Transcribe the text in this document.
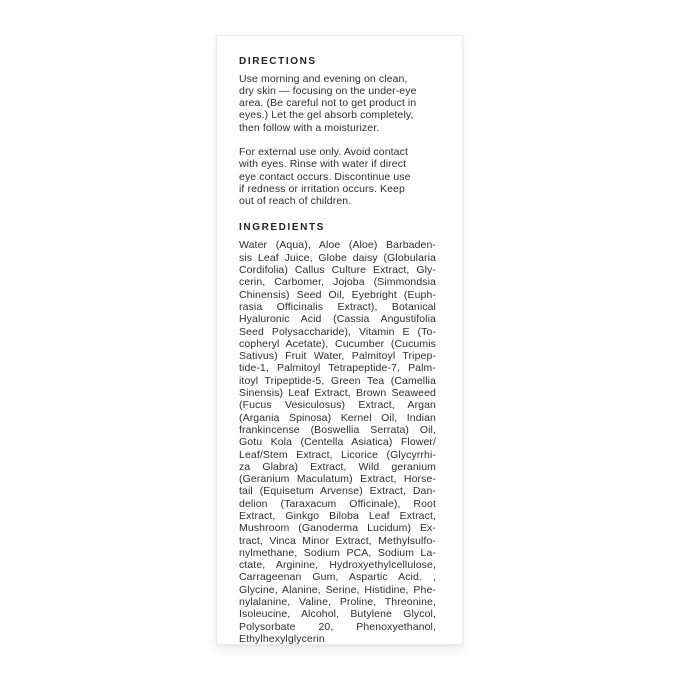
DIRECTIONS
Use morning and evening on clean,
dry skin — focusing on the under-eye
area. (Be careful not to get product in
eyes.) Let the gel absorb completely,
then follow with a moisturizer.
For external use only. Avoid contact
with eyes. Rinse with water if direct
eye contact occurs. Discontinue use
if redness or irritation occurs. Keep
out of reach of children.
INGREDIENTS
Water (Aqua), Aloe (Aloe) Barbaden-
sis Leaf Juice, Globe daisy (Globularia
Cordifolia) Callus Culture Extract, Gly-
cerin, Carbomer, Jojoba (Simmondsia
Chinensis) Seed Oil, Eyebright (Euph-
rasia Officinalis Extract), Botanical
Hyaluronic Acid (Cassia Angustifolia
Seed Polysaccharide), Vitamin E (To-
copheryl Acetate), Cucumber (Cucumis
Sativus) Fruit Water, Palmitoyl Tripep-
tide-1, Palmitoyl Tetrapeptide-7, Palm-
itoyl Tripeptide-5, Green Tea (Camellia
Sinensis) Leaf Extract, Brown Seaweed
(Fucus Vesiculosus) Extract, Argan
(Argania Spinosa) Kernel Oil, Indian
frankincense (Boswellia Serrata) Oil,
Gotu Kola (Centella Asiatica) Flower/
Leaf/Stem Extract, Licorice (Glycyrrhi-
za Glabra) Extract, Wild geranium
(Geranium Maculatum) Extract, Horse-
tail (Equisetum Arvense) Extract, Dan-
delion (Taraxacum Officinale), Root
Extract, Ginkgo Biloba Leaf Extract,
Mushroom (Ganoderma Lucidum) Ex-
tract, Vinca Minor Extract, Methylsulfo-
nylmethane, Sodium PCA, Sodium La-
ctate, Arginine, Hydroxyethylcellulose,
Carrageenan Gum, Aspartic Acid. ,
Glycine, Alanine, Serine, Histidine, Phe-
nylalanine, Valine, Proline, Threonine,
Isoleucine, Alcohol, Butylene Glycol,
Polysorbate 20, Phenoxyethanol,
Ethylhexylglycerin
